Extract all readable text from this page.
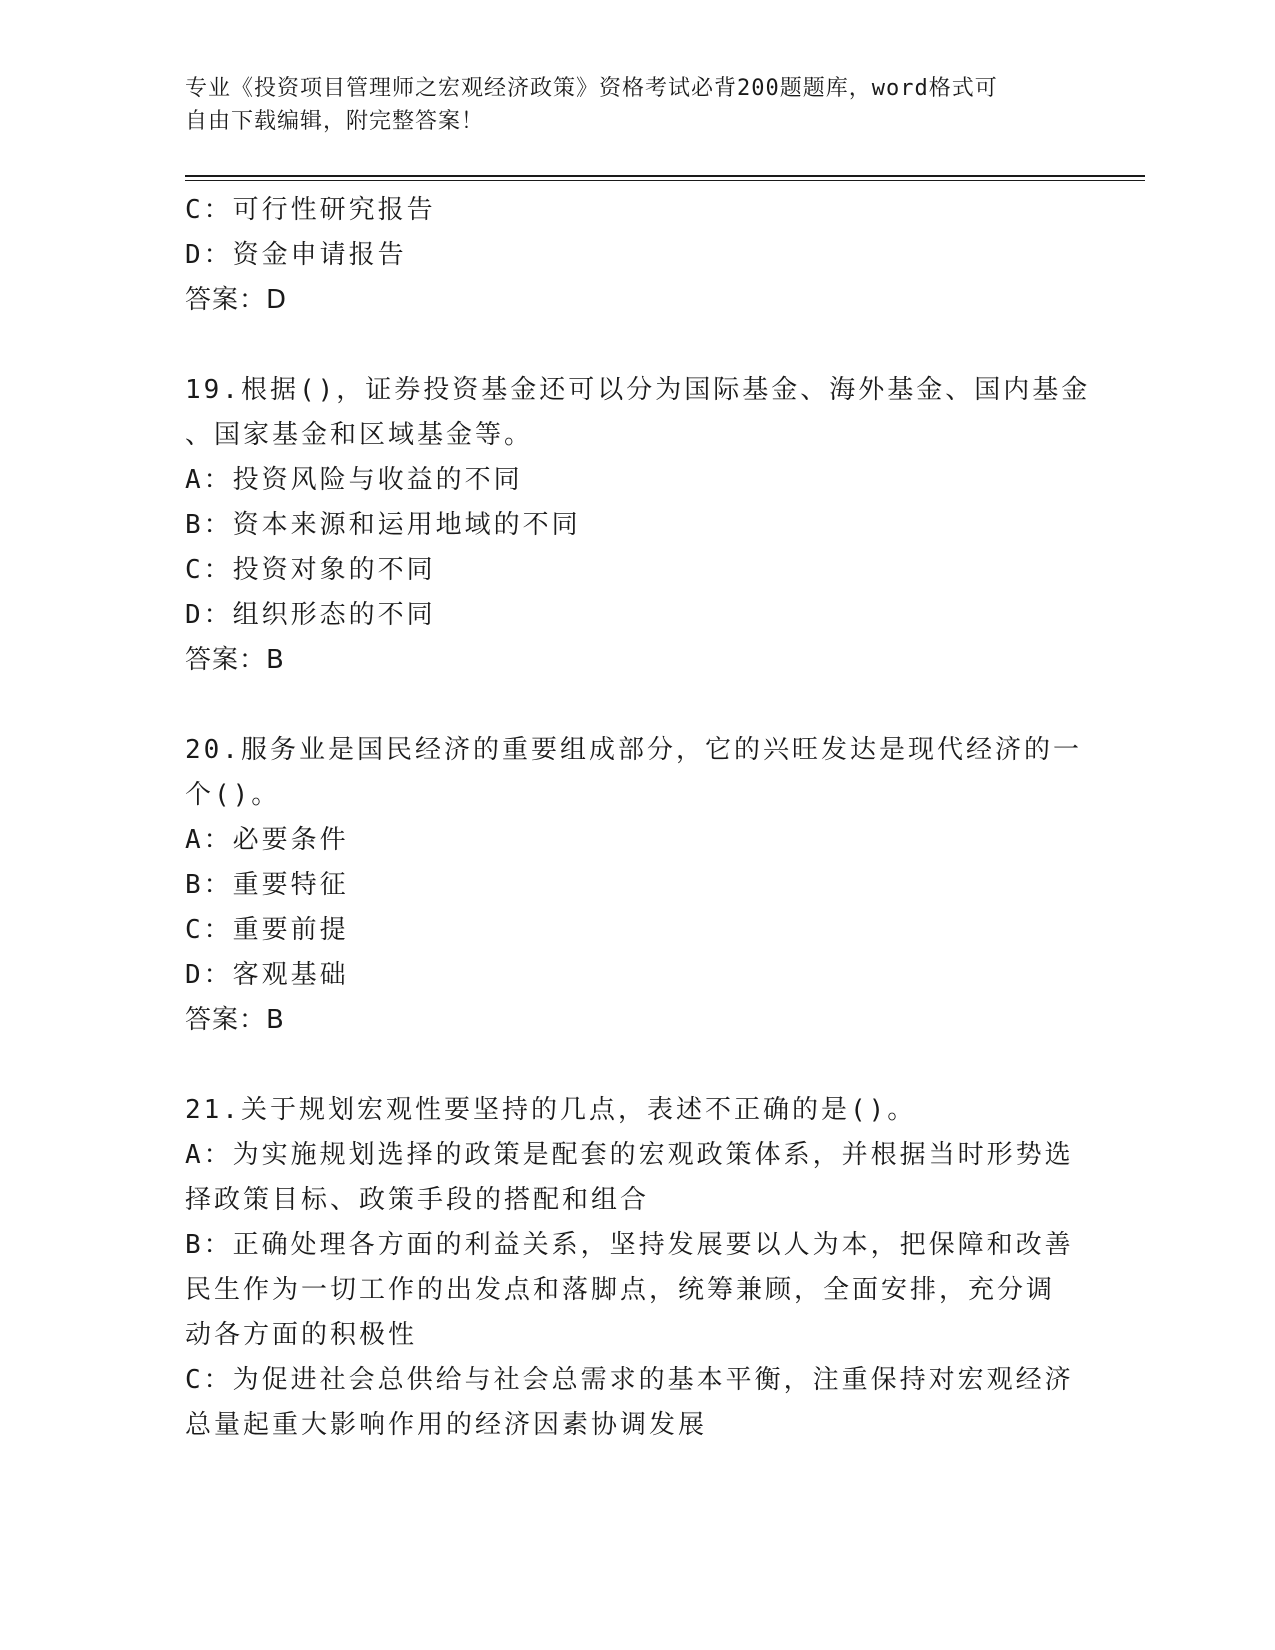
专业《投资项目管理师之宏观经济政策》资格考试必背200题题库，word格式可
自由下载编辑，附完整答案！
C：可行性研究报告
D：资金申请报告
答案：D
19.根据()，证券投资基金还可以分为国际基金、海外基金、国内基金
、国家基金和区域基金等。
A：投资风险与收益的不同
B：资本来源和运用地域的不同
C：投资对象的不同
D：组织形态的不同
答案：B
20.服务业是国民经济的重要组成部分，它的兴旺发达是现代经济的一
个()。
A：必要条件
B：重要特征
C：重要前提
D：客观基础
答案：B
21.关于规划宏观性要坚持的几点，表述不正确的是()。
A：为实施规划选择的政策是配套的宏观政策体系，并根据当时形势选
择政策目标、政策手段的搭配和组合
B：正确处理各方面的利益关系，坚持发展要以人为本，把保障和改善
民生作为一切工作的出发点和落脚点，统筹兼顾，全面安排，充分调
动各方面的积极性
C：为促进社会总供给与社会总需求的基本平衡，注重保持对宏观经济
总量起重大影响作用的经济因素协调发展
